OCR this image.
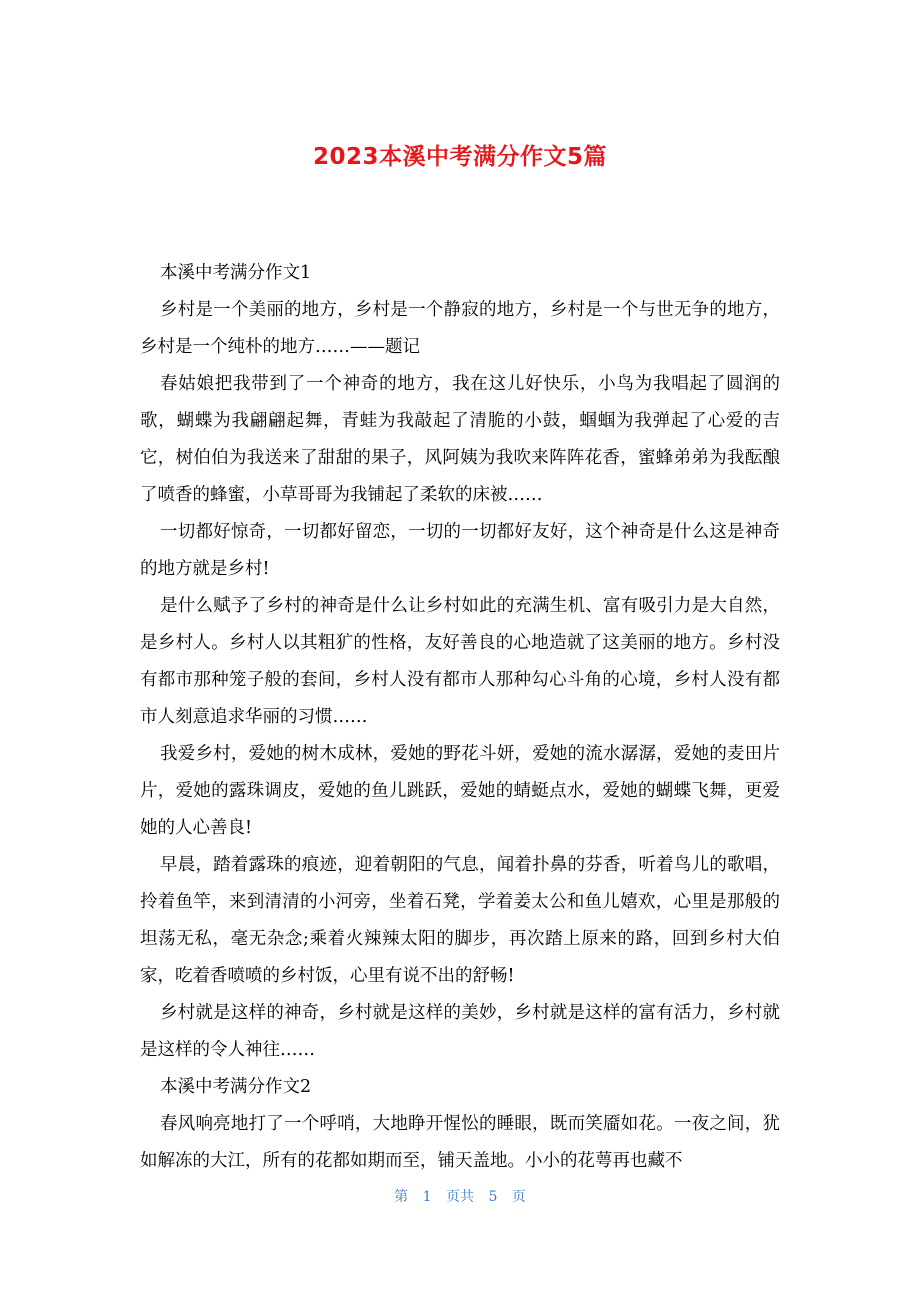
2023本溪中考满分作文5篇

本溪中考满分作文1

乡村是一个美丽的地方，乡村是一个静寂的地方，乡村是一个与世无争的地方，乡村是一个纯朴的地方……——题记

春姑娘把我带到了一个神奇的地方，我在这儿好快乐，小鸟为我唱起了圆润的歌，蝴蝶为我翩翩起舞，青蛙为我敲起了清脆的小鼓，蝈蝈为我弹起了心爱的吉它，树伯伯为我送来了甜甜的果子，风阿姨为我吹来阵阵花香，蜜蜂弟弟为我酝酿了喷香的蜂蜜，小草哥哥为我铺起了柔软的床被……

一切都好惊奇，一切都好留恋，一切的一切都好友好，这个神奇是什么这是神奇的地方就是乡村!

是什么赋予了乡村的神奇是什么让乡村如此的充满生机、富有吸引力是大自然，是乡村人。乡村人以其粗犷的性格，友好善良的心地造就了这美丽的地方。乡村没有都市那种笼子般的套间，乡村人没有都市人那种勾心斗角的心境，乡村人没有都市人刻意追求华丽的习惯……

我爱乡村，爱她的树木成林，爱她的野花斗妍，爱她的流水潺潺，爱她的麦田片片，爱她的露珠调皮，爱她的鱼儿跳跃，爱她的蜻蜓点水，爱她的蝴蝶飞舞，更爱她的人心善良!

早晨，踏着露珠的痕迹，迎着朝阳的气息，闻着扑鼻的芬香，听着鸟儿的歌唱，拎着鱼竿，来到清清的小河旁，坐着石凳，学着姜太公和鱼儿嬉欢，心里是那般的坦荡无私，毫无杂念;乘着火辣辣太阳的脚步，再次踏上原来的路，回到乡村大伯家，吃着香喷喷的乡村饭，心里有说不出的舒畅!

乡村就是这样的神奇，乡村就是这样的美妙，乡村就是这样的富有活力，乡村就是这样的令人神往……

本溪中考满分作文2

春风响亮地打了一个呼哨，大地睁开惺忪的睡眼，既而笑靥如花。一夜之间，犹如解冻的大江，所有的花都如期而至，铺天盖地。小小的花萼再也藏不

第 1 页共 5 页
